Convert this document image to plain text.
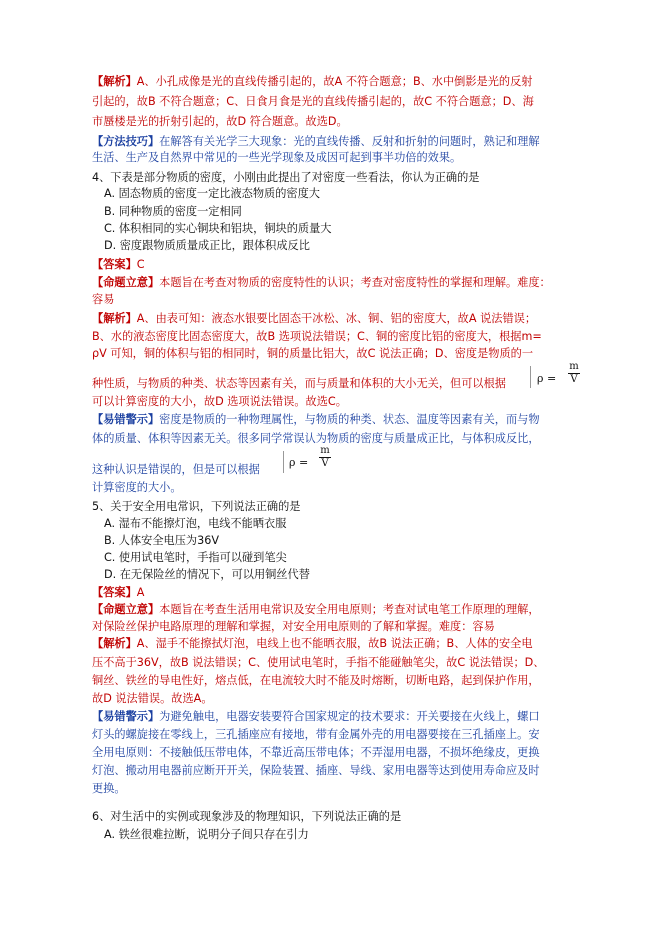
【解析】A、小孔成像是光的直线传播引起的，故A 不符合题意；B、水中倒影是光的反射
引起的，故B 不符合题意；C、日食月食是光的直线传播引起的，故C 不符合题意；D、海
市蜃楼是光的折射引起的，故D 符合题意。故选D。
【方法技巧】在解答有关光学三大现象：光的直线传播、反射和折射的问题时，熟记和理解
生活、生产及自然界中常见的一些光学现象及成因可起到事半功倍的效果。
4、下表是部分物质的密度，小刚由此提出了对密度一些看法，你认为正确的是
A. 固态物质的密度一定比液态物质的密度大
B. 同种物质的密度一定相同
C. 体积相同的实心铜块和铝块，铜块的质量大
D. 密度跟物质质量成正比，跟体积成反比
【答案】C
【命题立意】本题旨在考查对物质的密度特性的认识；考查对密度特性的掌握和理解。难度：
容易
【解析】A、由表可知：液态水银要比固态干冰松、冰、铜、铝的密度大，故A 说法错误；
B、水的液态密度比固态密度大，故B 选项说法错误；C、铜的密度比铝的密度大，根据m=
ρV 可知，铜的体积与铝的相同时，铜的质量比铝大，故C 说法正确；D、密度是物质的一
种性质，与物质的种类、状态等因素有关，而与质量和体积的大小无关，但可以根据	ρ =
m
V
可以计算密度的大小，故D 选项说法错误。故选C。
【易错警示】密度是物质的一种物理属性，与物质的种类、状态、温度等因素有关，而与物
体的质量、体积等因素无关。很多同学常误认为物质的密度与质量成正比，与体积成反比，
这种认识是错误的，但是可以根据
ρ =
m
V
计算密度的大小。
5、关于安全用电常识，下列说法正确的是
A. 湿布不能擦灯泡，电线不能晒衣服
B. 人体安全电压为36V
C. 使用试电笔时，手指可以碰到笔尖
D. 在无保险丝的情况下，可以用铜丝代替
【答案】A
【命题立意】本题旨在考查生活用电常识及安全用电原则；考查对试电笔工作原理的理解，
对保险丝保护电路原理的理解和掌握，对安全用电原则的了解和掌握。难度：容易
【解析】A、湿手不能擦拭灯泡，电线上也不能晒衣服，故B 说法正确；B、人体的安全电
压不高于36V，故B 说法错误；C、使用试电笔时，手指不能碰触笔尖，故C 说法错误；D、
铜丝、铁丝的导电性好，熔点低，在电流较大时不能及时熔断，切断电路，起到保护作用，
故D 说法错误。故选A。
【易错警示】为避免触电，电器安装要符合国家规定的技术要求：开关要接在火线上，螺口
灯头的螺旋接在零线上，三孔插座应有接地，带有金属外壳的用电器要接在三孔插座上。安
全用电原则：不接触低压带电体，不靠近高压带电体；不弄湿用电器，不损坏绝缘皮，更换
灯泡、搬动用电器前应断开开关，保险装置、插座、导线、家用电器等达到使用寿命应及时
更换。
6、对生活中的实例或现象涉及的物理知识，下列说法正确的是
A. 铁丝很难拉断，说明分子间只存在引力
